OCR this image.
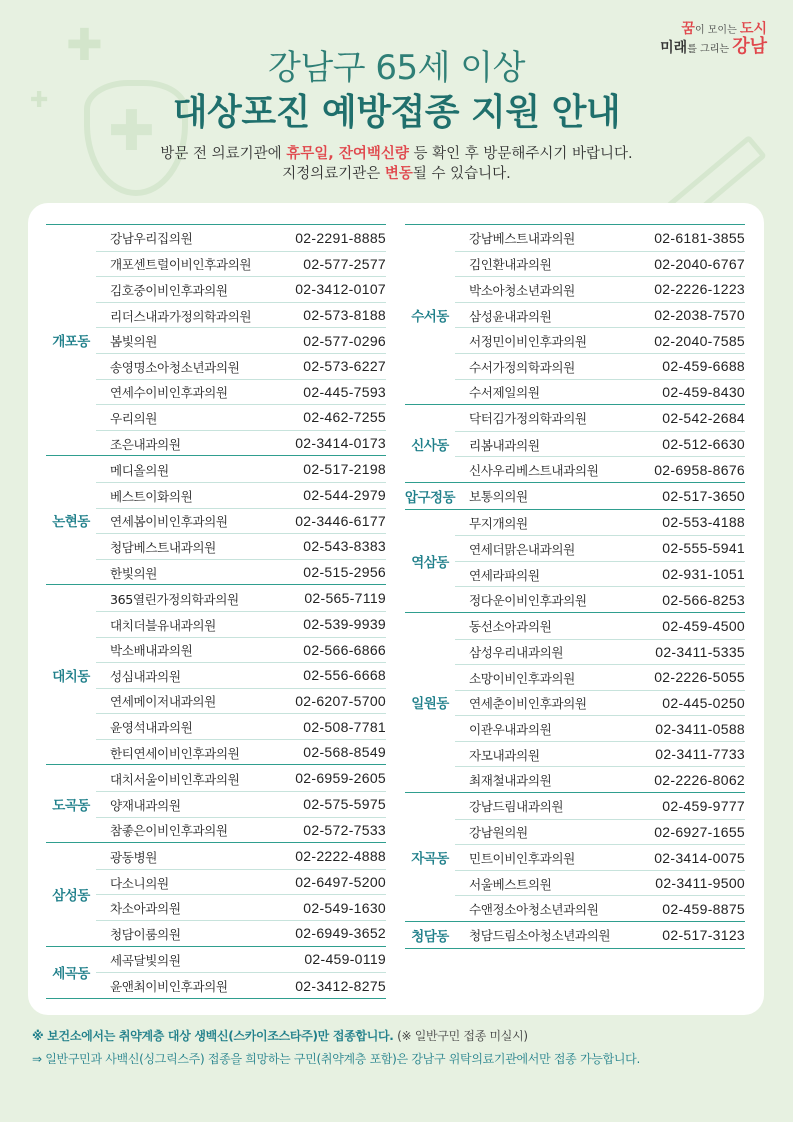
✚
✚ ✚
꿈이 모이는 도시
미래를 그리는 강남
강남구 65세 이상
대상포진 예방접종 지원 안내
방문 전 의료기관에 휴무일, 잔여백신량 등 확인 후 방문해주시기 바랍니다.
지정의료기관은 변동될 수 있습니다.
개포동
강남우리집의원	02-2291-8885
개포센트럴이비인후과의원	02-577-2577
김호중이비인후과의원	02-3412-0107
리더스내과가정의학과의원	02-573-8188
봄빛의원	02-577-0296
송영명소아청소년과의원	02-573-6227
연세수이비인후과의원	02-445-7593
우리의원	02-462-7255
조은내과의원	02-3414-0173
논현동
메디올의원	02-517-2198
베스트이화의원	02-544-2979
연세봄이비인후과의원	02-3446-6177
청담베스트내과의원	02-543-8383
한빛의원	02-515-2956
대치동
365열린가정의학과의원	02-565-7119
대치더블유내과의원	02-539-9939
박소배내과의원	02-566-6866
성심내과의원	02-556-6668
연세메이저내과의원	02-6207-5700
윤영석내과의원	02-508-7781
한티연세이비인후과의원	02-568-8549
도곡동
대치서울이비인후과의원	02-6959-2605
양재내과의원	02-575-5975
참좋은이비인후과의원	02-572-7533
삼성동
광동병원	02-2222-4888
다소니의원	02-6497-5200
차소아과의원	02-549-1630
청담이룸의원	02-6949-3652
세곡동
세곡달빛의원	02-459-0119
윤앤최이비인후과의원	02-3412-8275
수서동
강남베스트내과의원	02-6181-3855
김인환내과의원	02-2040-6767
박소아청소년과의원	02-2226-1223
삼성윤내과의원	02-2038-7570
서정민이비인후과의원	02-2040-7585
수서가정의학과의원	02-459-6688
수서제일의원	02-459-8430
신사동
닥터김가정의학과의원	02-542-2684
리봄내과의원	02-512-6630
신사우리베스트내과의원	02-6958-8676
압구정동 보통의의원	02-517-3650
역삼동
무지개의원	02-553-4188
연세더맑은내과의원	02-555-5941
연세라파의원	02-931-1051
정다운이비인후과의원	02-566-8253
일원동
동선소아과의원	02-459-4500
삼성우리내과의원	02-3411-5335
소망이비인후과의원	02-2226-5055
연세춘이비인후과의원	02-445-0250
이관우내과의원	02-3411-0588
자모내과의원	02-3411-7733
최재철내과의원	02-2226-8062
자곡동
강남드림내과의원	02-459-9777
강남원의원	02-6927-1655
민트이비인후과의원	02-3414-0075
서울베스트의원	02-3411-9500
수앤정소아청소년과의원	02-459-8875
청담동	청담드림소아청소년과의원	02-517-3123
※ 보건소에서는 취약계층 대상 생백신(스카이조스타주)만 접종합니다. (※ 일반구민 접종 미실시)
⇒ 일반구민과 사백신(싱그릭스주) 접종을 희망하는 구민(취약계층 포함)은 강남구 위탁의료기관에서만 접종 가능합니다.
